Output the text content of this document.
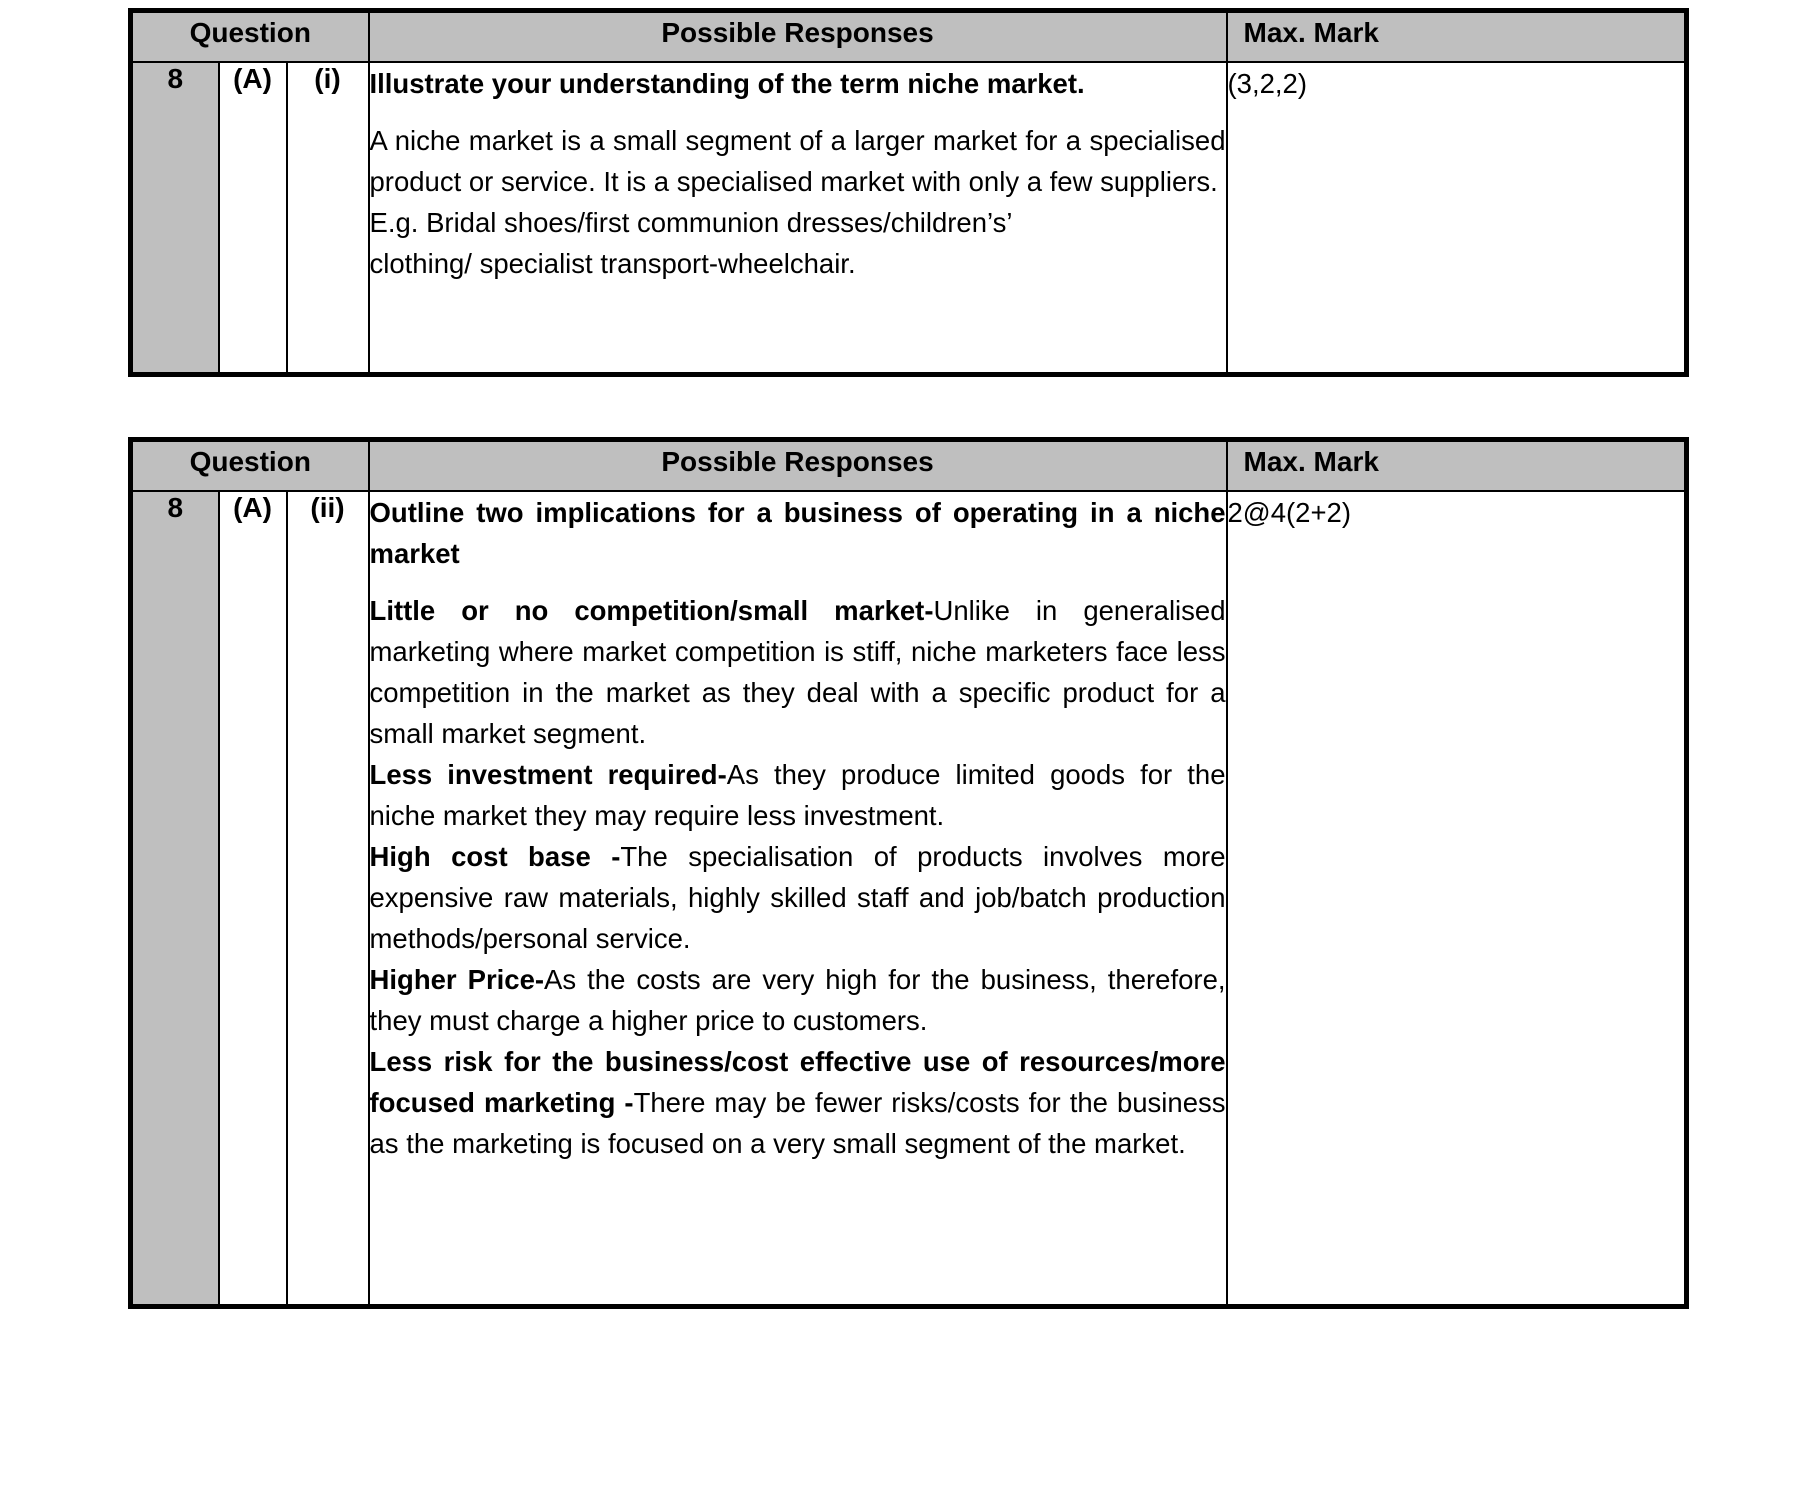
Question			Possible Responses	Max. Mark
8	(A)	(i)	Illustrate your understanding of the term niche market.

A niche market is a small segment of a larger market for a specialised product or service. It is a specialised market with only a few suppliers.

E.g. Bridal shoes/first communion dresses/children’s’
clothing/ specialist transport-wheelchair.	(3,2,2)
Question			Possible Responses	Max. Mark
8	(A)	(ii)	Outline two implications for a business of operating in a niche market

Little or no competition/small market-Unlike in generalised marketing where market competition is stiff, niche marketers face less competition in the market as they deal with a specific product for a small market segment.

Less investment required-As they produce limited goods for the niche market they may require less investment.

High cost base -The specialisation of products involves more expensive raw materials, highly skilled staff and job/batch production methods/personal service.

Higher Price-As the costs are very high for the business, therefore, they must charge a higher price to customers.

Less risk for the business/cost effective use of resources/more focused marketing -There may be fewer risks/costs for the business as the marketing is focused on a very small segment of the market.

	2@4(2+2)
